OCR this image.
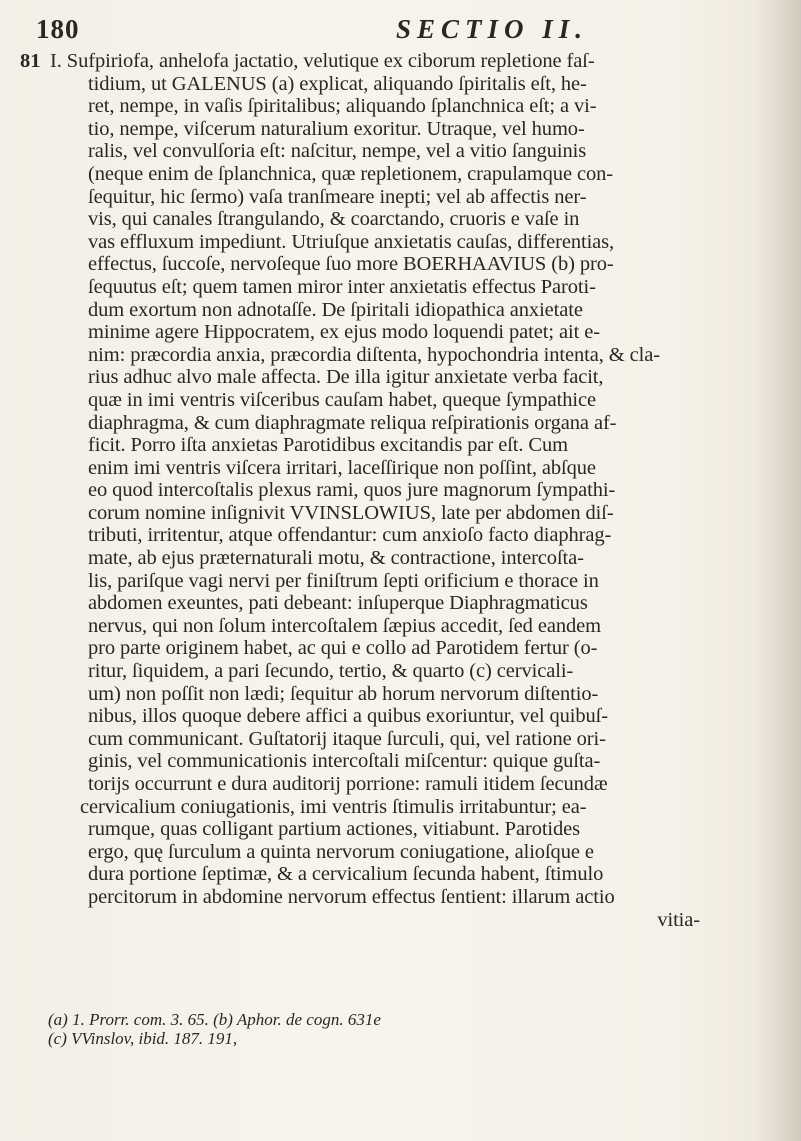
180	SECTIO II.
81 I. Sufpiriofa, anhelofa jactatio, velutique ex ciborum repletione faſ-
tidium, ut GALENUS (a) explicat, aliquando ſpiritalis eſt, he-
ret, nempe, in vaſis ſpiritalibus; aliquando ſplanchnica eſt; a vi-
tio, nempe, viſcerum naturalium exoritur. Utraque, vel humo-
ralis, vel convulſoria eſt: naſcitur, nempe, vel a vitio ſanguinis
(neque enim de ſplanchnica, quæ repletionem, crapulamque con-
ſequitur, hic ſermo) vaſa tranſmeare inepti; vel ab affectis ner-
vis, qui canales ſtrangulando, & coarctando, cruoris e vaſe in
vas effluxum impediunt. Utriuſque anxietatis cauſas, differentias,
effectus, ſuccoſe, nervoſeque ſuo more BOERHAAVIUS (b) pro-
ſequutus eſt; quem tamen miror inter anxietatis effectus Paroti-
dum exortum non adnotaſſe. De ſpiritali idiopathica anxietate
minime agere Hippocratem, ex ejus modo loquendi patet; ait e-
nim: præcordia anxia, præcordia diſtenta, hypochondria intenta, & cla-
rius adhuc alvo male affecta. De illa igitur anxietate verba facit,
quæ in imi ventris viſceribus cauſam habet, queque ſympathice
diaphragma, & cum diaphragmate reliqua reſpirationis organa af-
ficit. Porro iſta anxietas Parotidibus excitandis par eſt. Cum
enim imi ventris viſcera irritari, laceſſirique non poſſint, abſque
eo quod intercoſtalis plexus rami, quos jure magnorum ſympathi-
corum nomine inſignivit VVINSLOWIUS, late per abdomen diſ-
tributi, irritentur, atque offendantur: cum anxioſo facto diaphrag-
mate, ab ejus præternaturali motu, & contractione, intercoſta-
lis, pariſque vagi nervi per finiſtrum ſepti orificium e thorace in
abdomen exeuntes, pati debeant: inſuperque Diaphragmaticus
nervus, qui non ſolum intercoſtalem ſæpius accedit, ſed eandem
pro parte originem habet, ac qui e collo ad Parotidem fertur (o-
ritur, ſiquidem, a pari ſecundo, tertio, & quarto (c) cervicali-
um) non poſſit non lædi; ſequitur ab horum nervorum diſtentio-
nibus, illos quoque debere affici a quibus exoriuntur, vel quibuſ-
cum communicant. Guſtatorij itaque ſurculi, qui, vel ratione ori-
ginis, vel communicationis intercoſtali miſcentur: quique guſta-
torijs occurrunt e dura auditorij porrione: ramuli itidem ſecundæ
cervicalium coniugationis, imi ventris ſtimulis irritabuntur; ea-
rumque, quas colligant partium actiones, vitiabunt. Parotides
ergo, quę ſurculum a quinta nervorum coniugatione, alioſque e
dura portione ſeptimæ, & a cervicalium ſecunda habent, ſtimulo
percitorum in abdomine nervorum effectus ſentient: illarum actio
vitia-
(a) 1. Prorr. com. 3. 65. (b) Aphor. de cogn. 631e
(c) VVinslov, ibid. 187. 191,
